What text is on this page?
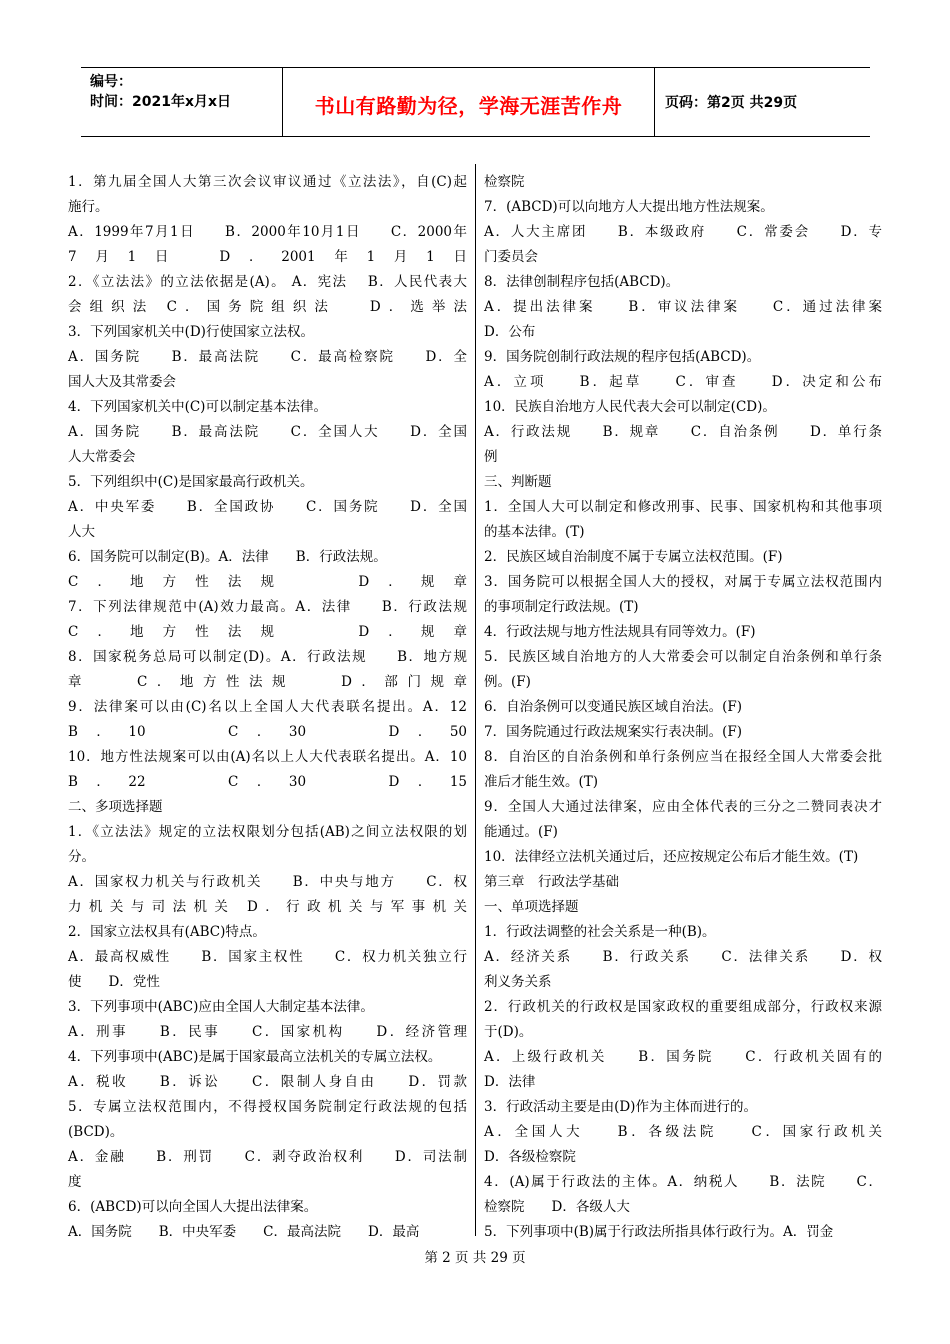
编号：
时间：2021年x月x日	书山有路勤为径，学海无涯苦作舟	页码：第2页 共29页
1．第九届全国人大第三次会议审议通过《立法法》，自(C)起
施行。
A．1999年7月1日　　B．2000年10月1日　　C．2000年
7月1日　D．2001年1月1日
2．《立法法》的立法依据是(A)。 A．宪法　 B．人民代表大
会组织法 C．国务院组织法　 D．选举法
3．下列国家机关中(D)行使国家立法权。
A．国务院　　B．最高法院　　C．最高检察院　　D．全
国人大及其常委会
4．下列国家机关中(C)可以制定基本法律。
A．国务院　　B．最高法院　　C．全国人大　　D．全国
人大常委会
5．下列组织中(C)是国家最高行政机关。
A．中央军委　　B．全国政协　　C．国务院　　D．全国
人大
6．国务院可以制定(B)。A．法律　　B．行政法规。
C．地方性法规　　D．规章
7．下列法律规范中(A)效力最高。A．法律　　B．行政法规
C．地方性法规　　D．规章
8．国家税务总局可以制定(D)。A．行政法规　　B．地方规
章　　C．地方性法规　　D．部门规章
9．法律案可以由(C)名以上全国人大代表联名提出。A．12
B．10　　C．30　　D．50
10．地方性法规案可以由(A)名以上人大代表联名提出。A．10
B．22　　C．30　　D．15
二、多项选择题
1．《立法法》规定的立法权限划分包括(AB)之间立法权限的划
分。
A．国家权力机关与行政机关　　B．中央与地方　　C．权
力机关与司法机关 D．行政机关与军事机关
2．国家立法权具有(ABC)特点。
A．最高权威性　　B．国家主权性　　C．权力机关独立行
使　　D．党性
3．下列事项中(ABC)应由全国人大制定基本法律。
A．刑事　　B．民事　　C．国家机构　　D．经济管理
4．下列事项中(ABC)是属于国家最高立法机关的专属立法权。
A．税收　　B．诉讼　　C．限制人身自由　　D．罚款
5．专属立法权范围内，不得授权国务院制定行政法规的包括
(BCD)。
A．金融　　B．刑罚　　C．剥夺政治权利　　D．司法制
度
6．(ABCD)可以向全国人大提出法律案。
A．国务院　　B．中央军委　　C．最高法院　　D．最高
检察院
7．(ABCD)可以向地方人大提出地方性法规案。
A．人大主席团　　B．本级政府　　C．常委会　　D．专
门委员会
8．法律创制程序包括(ABCD)。
A．提出法律案　　B．审议法律案　　C．通过法律案
D．公布
9．国务院创制行政法规的程序包括(ABCD)。
A．立项　　B．起草　　C．审查　　D．决定和公布
10．民族自治地方人民代表大会可以制定(CD)。
A．行政法规　　B．规章　　C．自治条例　　D．单行条
例
三、判断题
1．全国人大可以制定和修改刑事、民事、国家机构和其他事项
的基本法律。(T)
2．民族区域自治制度不属于专属立法权范围。(F)
3．国务院可以根据全国人大的授权，对属于专属立法权范围内
的事项制定行政法规。(T)
4．行政法规与地方性法规具有同等效力。(F)
5．民族区域自治地方的人大常委会可以制定自治条例和单行条
例。(F)
6．自治条例可以变通民族区域自治法。(F)
7．国务院通过行政法规案实行表决制。(F)
8．自治区的自治条例和单行条例应当在报经全国人大常委会批
准后才能生效。(T)
9．全国人大通过法律案，应由全体代表的三分之二赞同表决才
能通过。(F)
10．法律经立法机关通过后，还应按规定公布后才能生效。(T)
第三章　行政法学基础
一、单项选择题
1．行政法调整的社会关系是一种(B)。
A．经济关系　　B．行政关系　　C．法律关系　　D．权
利义务关系
2．行政机关的行政权是国家政权的重要组成部分，行政权来源
于(D)。
A．上级行政机关　　B．国务院　　C．行政机关固有的
D．法律
3．行政活动主要是由(D)作为主体而进行的。
A．全国人大　　B．各级法院　　C．国家行政机关
D．各级检察院
4．(A)属于行政法的主体。A．纳税人　　B．法院　　C．
检察院　　D．各级人大
5．下列事项中(B)属于行政法所指具体行政行为。A．罚金
第 2 页 共 29 页
